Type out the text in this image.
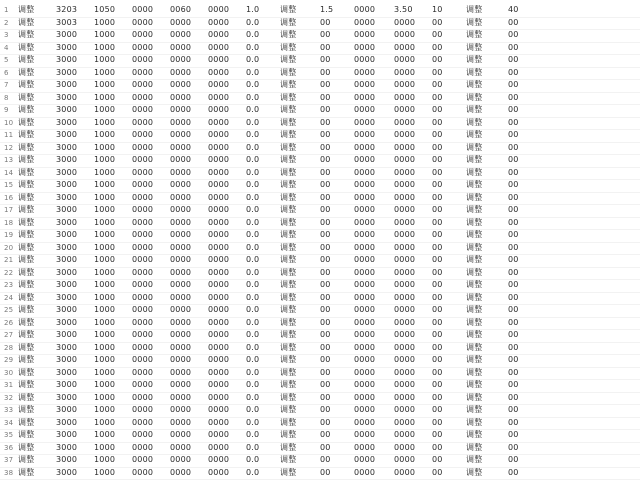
1 调整	3203 1050 0000 0060 0000 1.0	调整	1.5	0000 3.50 10	调整	40
2 调整	3003 1000 0000 0000 0000 0.0	调整	00	0000 0000 00	调整	00
3 调整	3000 1000 0000 0000 0000 0.0	调整	00	0000 0000 00	调整	00
4 调整	3000 1000 0000 0000 0000 0.0	调整	00	0000 0000 00	调整	00
5 调整	3000 1000 0000 0000 0000 0.0	调整	00	0000 0000 00	调整	00
6 调整	3000 1000 0000 0000 0000 0.0	调整	00	0000 0000 00	调整	00
7 调整	3000 1000 0000 0000 0000 0.0	调整	00	0000 0000 00	调整	00
8 调整	3000 1000 0000 0000 0000 0.0	调整	00	0000 0000 00	调整	00
9 调整	3000 1000 0000 0000 0000 0.0	调整	00	0000 0000 00	调整	00
10 调整	3000 1000 0000 0000 0000 0.0	调整	00	0000 0000 00	调整	00
11 调整	3000 1000 0000 0000 0000 0.0	调整	00	0000 0000 00	调整	00
12 调整	3000 1000 0000 0000 0000 0.0	调整	00	0000 0000 00	调整	00
13 调整	3000 1000 0000 0000 0000 0.0	调整	00	0000 0000 00	调整	00
14 调整	3000 1000 0000 0000 0000 0.0	调整	00	0000 0000 00	调整	00
15 调整	3000 1000 0000 0000 0000 0.0	调整	00	0000 0000 00	调整	00
16 调整	3000 1000 0000 0000 0000 0.0	调整	00	0000 0000 00	调整	00
17 调整	3000 1000 0000 0000 0000 0.0	调整	00	0000 0000 00	调整	00
18 调整	3000 1000 0000 0000 0000 0.0	调整	00	0000 0000 00	调整	00
19 调整	3000 1000 0000 0000 0000 0.0	调整	00	0000 0000 00	调整	00
20 调整	3000 1000 0000 0000 0000 0.0	调整	00	0000 0000 00	调整	00
21 调整	3000 1000 0000 0000 0000 0.0	调整	00	0000 0000 00	调整	00
22 调整	3000 1000 0000 0000 0000 0.0	调整	00	0000 0000 00	调整	00
23 调整	3000 1000 0000 0000 0000 0.0	调整	00	0000 0000 00	调整	00
24 调整	3000 1000 0000 0000 0000 0.0	调整	00	0000 0000 00	调整	00
25 调整	3000 1000 0000 0000 0000 0.0	调整	00	0000 0000 00	调整	00
26 调整	3000 1000 0000 0000 0000 0.0	调整	00	0000 0000 00	调整	00
27 调整	3000 1000 0000 0000 0000 0.0	调整	00	0000 0000 00	调整	00
28 调整	3000 1000 0000 0000 0000 0.0	调整	00	0000 0000 00	调整	00
29 调整	3000 1000 0000 0000 0000 0.0	调整	00	0000 0000 00	调整	00
30 调整	3000 1000 0000 0000 0000 0.0	调整	00	0000 0000 00	调整	00
31 调整	3000 1000 0000 0000 0000 0.0	调整	00	0000 0000 00	调整	00
32 调整	3000 1000 0000 0000 0000 0.0	调整	00	0000 0000 00	调整	00
33 调整	3000 1000 0000 0000 0000 0.0	调整	00	0000 0000 00	调整	00
34 调整	3000 1000 0000 0000 0000 0.0	调整	00	0000 0000 00	调整	00
35 调整	3000 1000 0000 0000 0000 0.0	调整	00	0000 0000 00	调整	00
36 调整	3000 1000 0000 0000 0000 0.0	调整	00	0000 0000 00	调整	00
37 调整	3000 1000 0000 0000 0000 0.0	调整	00	0000 0000 00	调整	00
38 调整	3000 1000 0000 0000 0000 0.0	调整	00	0000 0000 00	调整	00
